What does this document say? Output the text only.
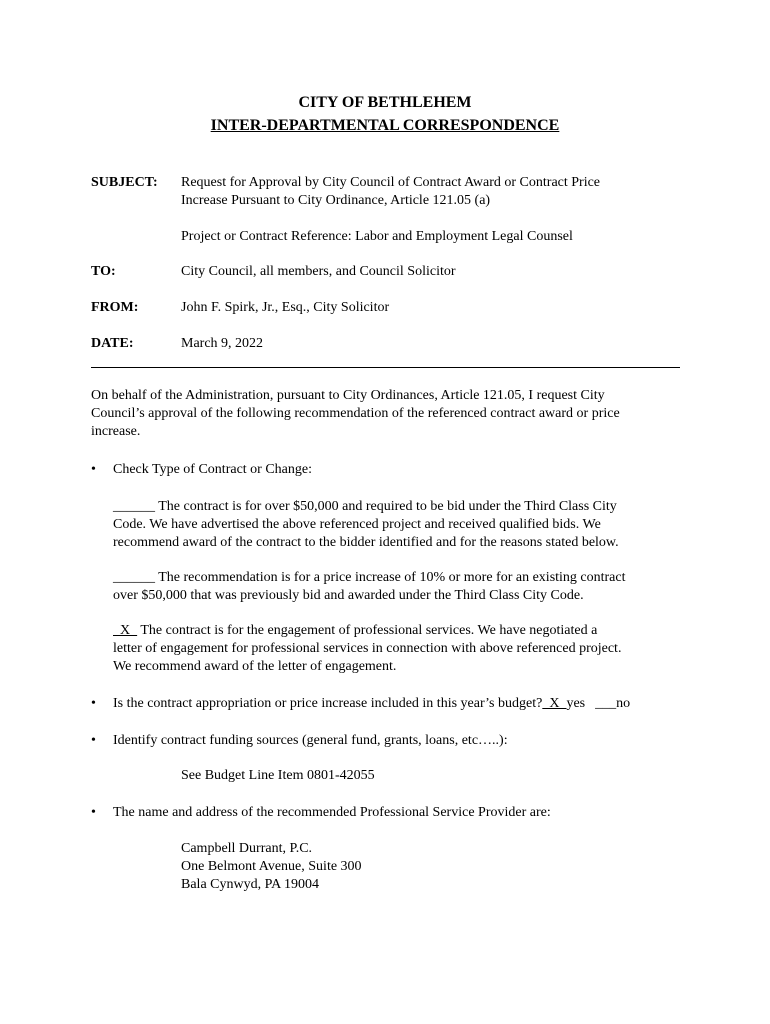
CITY OF BETHLEHEM
INTER-DEPARTMENTAL CORRESPONDENCE
SUBJECT: Request for Approval by City Council of Contract Award or Contract Price
Increase Pursuant to City Ordinance, Article 121.05 (a)
Project or Contract Reference: Labor and Employment Legal Counsel
TO:	City Council, all members, and Council Solicitor
FROM:	John F. Spirk, Jr., Esq., City Solicitor
DATE:	March 9, 2022
On behalf of the Administration, pursuant to City Ordinances, Article 121.05, I request City
Council’s approval of the following recommendation of the referenced contract award or price
increase.
• Check Type of Contract or Change:
______ The contract is for over $50,000 and required to be bid under the Third Class City
Code. We have advertised the above referenced project and received qualified bids. We
recommend award of the contract to the bidder identified and for the reasons stated below.
______ The recommendation is for a price increase of 10% or more for an existing contract
over $50,000 that was previously bid and awarded under the Third Class City Code.
X   The contract is for the engagement of professional services. We have negotiated a
letter of engagement for professional services in connection with above referenced project.
We recommend award of the letter of engagement.
• Is the contract appropriation or price increase included in this year’s budget?  X  yes ___no
• Identify contract funding sources (general fund, grants, loans, etc…..):
See Budget Line Item 0801-42055
• The name and address of the recommended Professional Service Provider are:
Campbell Durrant, P.C.
One Belmont Avenue, Suite 300
Bala Cynwyd, PA 19004
